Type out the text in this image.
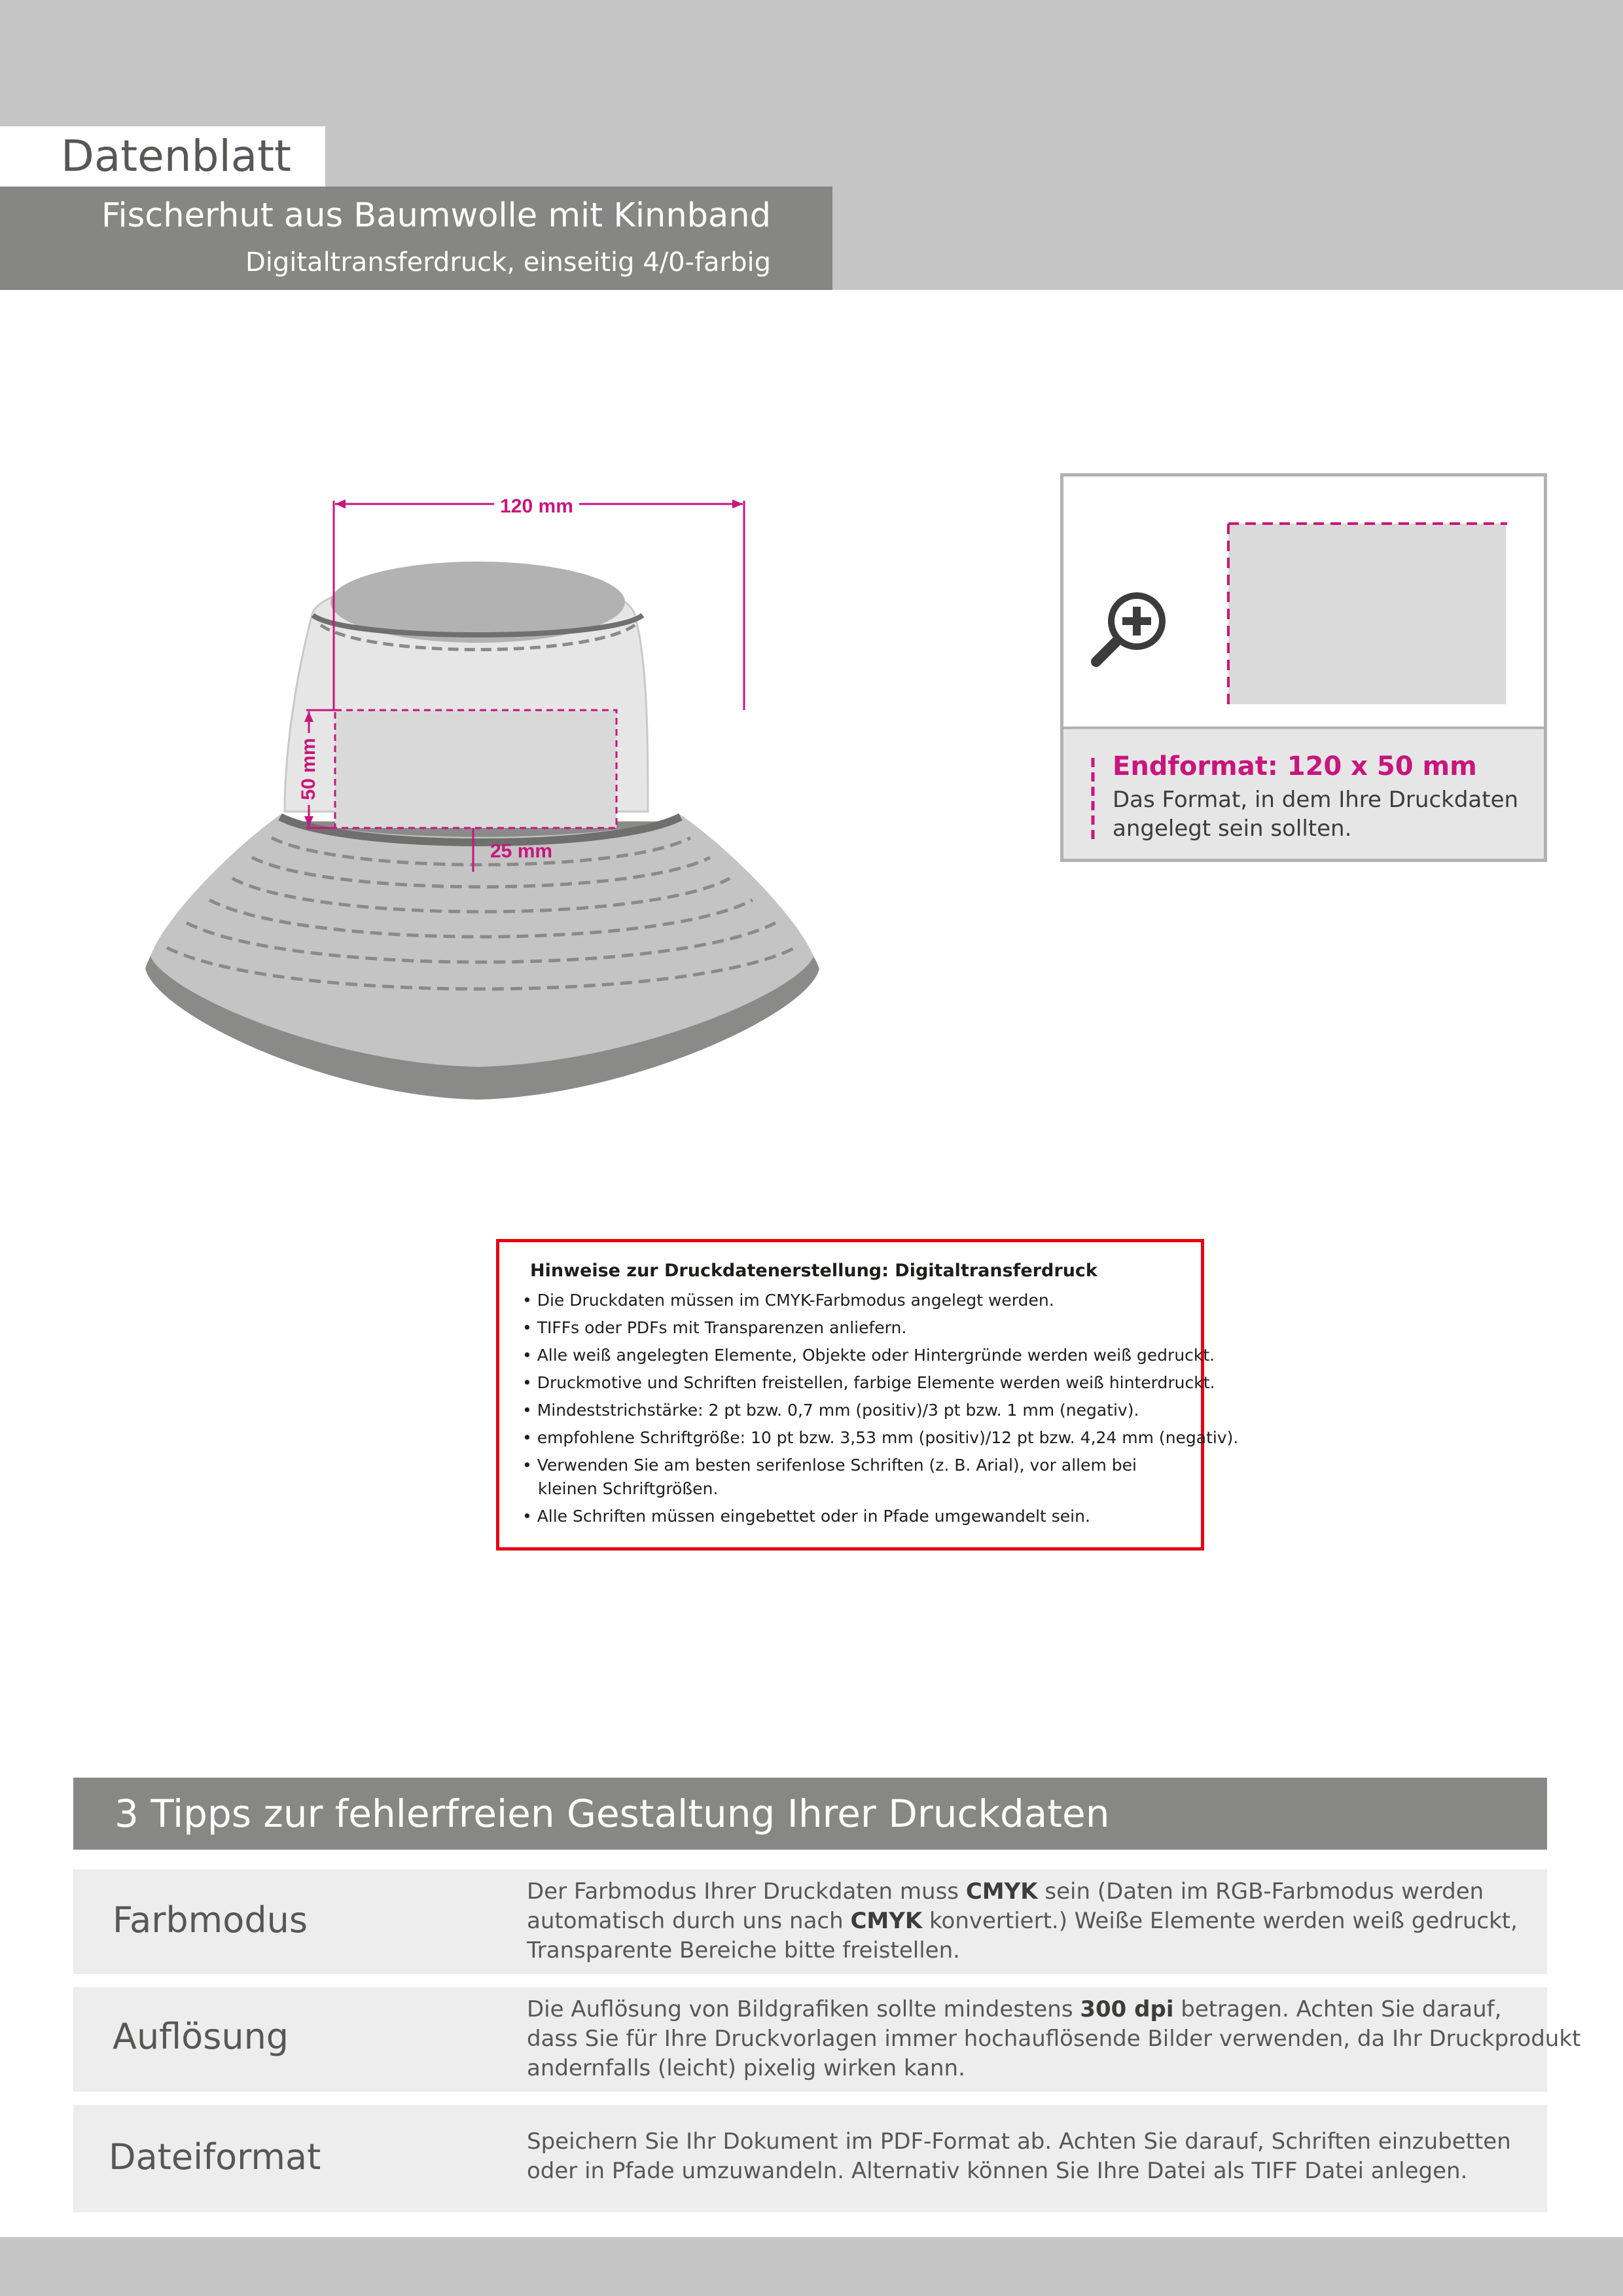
Datenblatt
Fischerhut aus Baumwolle mit Kinnband
Digitaltransferdruck, einseitig 4/0-farbig
120 mm
50 mm
25 mm
Endformat: 120 x 50 mm
Das Format, in dem Ihre Druckdaten
angelegt sein sollten.
Hinweise zur Druckdatenerstellung: Digitaltransferdruck
• Die Druckdaten müssen im CMYK-Farbmodus angelegt werden.
• TIFFs oder PDFs mit Transparenzen anliefern.
• Alle weiß angelegten Elemente, Objekte oder Hintergründe werden weiß gedruckt.
• Druckmotive und Schriften freistellen, farbige Elemente werden weiß hinterdruckt.
• Mindeststrichstärke: 2 pt bzw. 0,7 mm (positiv)/3 pt bzw. 1 mm (negativ).
• empfohlene Schriftgröße: 10 pt bzw. 3,53 mm (positiv)/12 pt bzw. 4,24 mm (negativ).
• Verwenden Sie am besten serifenlose Schriften (z. B. Arial), vor allem bei
kleinen Schriftgrößen.
• Alle Schriften müssen eingebettet oder in Pfade umgewandelt sein.
3 Tipps zur fehlerfreien Gestaltung Ihrer Druckdaten
Farbmodus
Der Farbmodus Ihrer Druckdaten muss CMYK sein (Daten im RGB-Farbmodus werden
automatisch durch uns nach CMYK konvertiert.) Weiße Elemente werden weiß gedruckt,
Transparente Bereiche bitte freistellen.
Auflösung
Die Auflösung von Bildgrafiken sollte mindestens 300 dpi betragen. Achten Sie darauf,
dass Sie für Ihre Druckvorlagen immer hochauflösende Bilder verwenden, da Ihr Druckprodukt
andernfalls (leicht) pixelig wirken kann.
Dateiformat	Speichern Sie Ihr Dokument im PDF-Format ab. Achten Sie darauf, Schriften einzubetten
oder in Pfade umzuwandeln. Alternativ können Sie Ihre Datei als TIFF Datei anlegen.
